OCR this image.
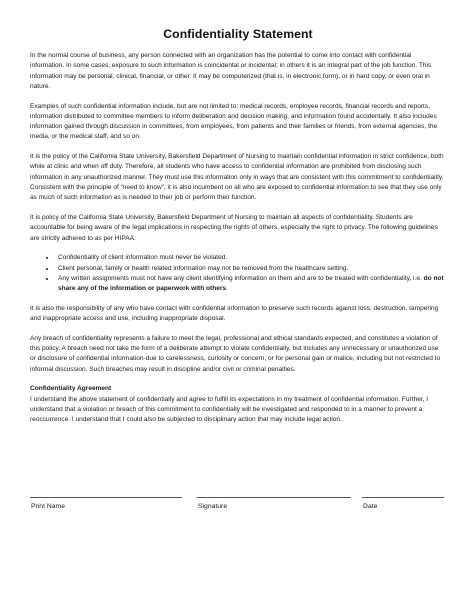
Confidentiality Statement

In the normal course of business, any person connected with an organization has the potential to come into contact with confidential information. In some cases, exposure to such information is coincidental or incidental; in others it is an integral part of the job function. This information may be personal, clinical, financial, or other. It may be computerized (that is, in electronic form), or in hard copy, or even oral in nature.

Examples of such confidential information include, but are not limited to: medical records, employee records, financial records and reports, information distributed to committee members to inform deliberation and decision making, and information found accidentally. It also includes information gained through discussion in committees, from employees, from patients and their families or friends, from external agencies, the media, or the medical staff, and so on.

It is the policy of the California State University, Bakersfield Department of Nursing to maintain confidential information in strict confidence, both while at clinic and when off duty. Therefore, all students who have access to confidential information are prohibited from disclosing such information in any unauthorized manner. They must use this information only in ways that are consistent with this commitment to confidentiality. Consistent with the principle of “need to know”, it is also incumbent on all who are exposed to confidential information to see that they use only as much of such information as is needed to their job or perform their function.

It is policy of the California State University, Bakersfield Department of Nursing to maintain all aspects of confidentiality. Students are accountable for being aware of the legal implications in respecting the rights of others, especially the right to privacy. The following guidelines are strictly adhered to as per HIPAA:

• Confidentiality of client information must never be violated.
• Client personal, family or health related information may not be removed from the healthcare setting.
• Any written assignments must not have any client identifying information on them and are to be treated with confidentiality, i.e. do not share any of the information or paperwork with others.

It is also the responsibility of any who have contact with confidential information to preserve such records against loss, destruction, tampering and inappropriate access and use, including inappropriate disposal.

Any breach of confidentiality represents a failure to meet the legal, professional and ethical standards expected, and constitutes a violation of this policy. A breach need not take the form of a deliberate attempt to violate confidentially, but includes any unnecessary or unauthorized use or disclosure of confidential information-due to carelessness, curiosity or concern, or for personal gain or malice, including but not restricted to informal discussion. Such breaches may result in discipline and/or civil or criminal penalties.

Confidentiality Agreement

I understand the above statement of confidentially and agree to fulfill its expectations in my treatment of confidential information. Further, I understand that a violation or breach of this commitment to confidentially will be investigated and responded to in a manner to prevent a reoccurrence. I understand that I could also be subjected to disciplinary action that may include legal action.

Print Name	Signature	Date
